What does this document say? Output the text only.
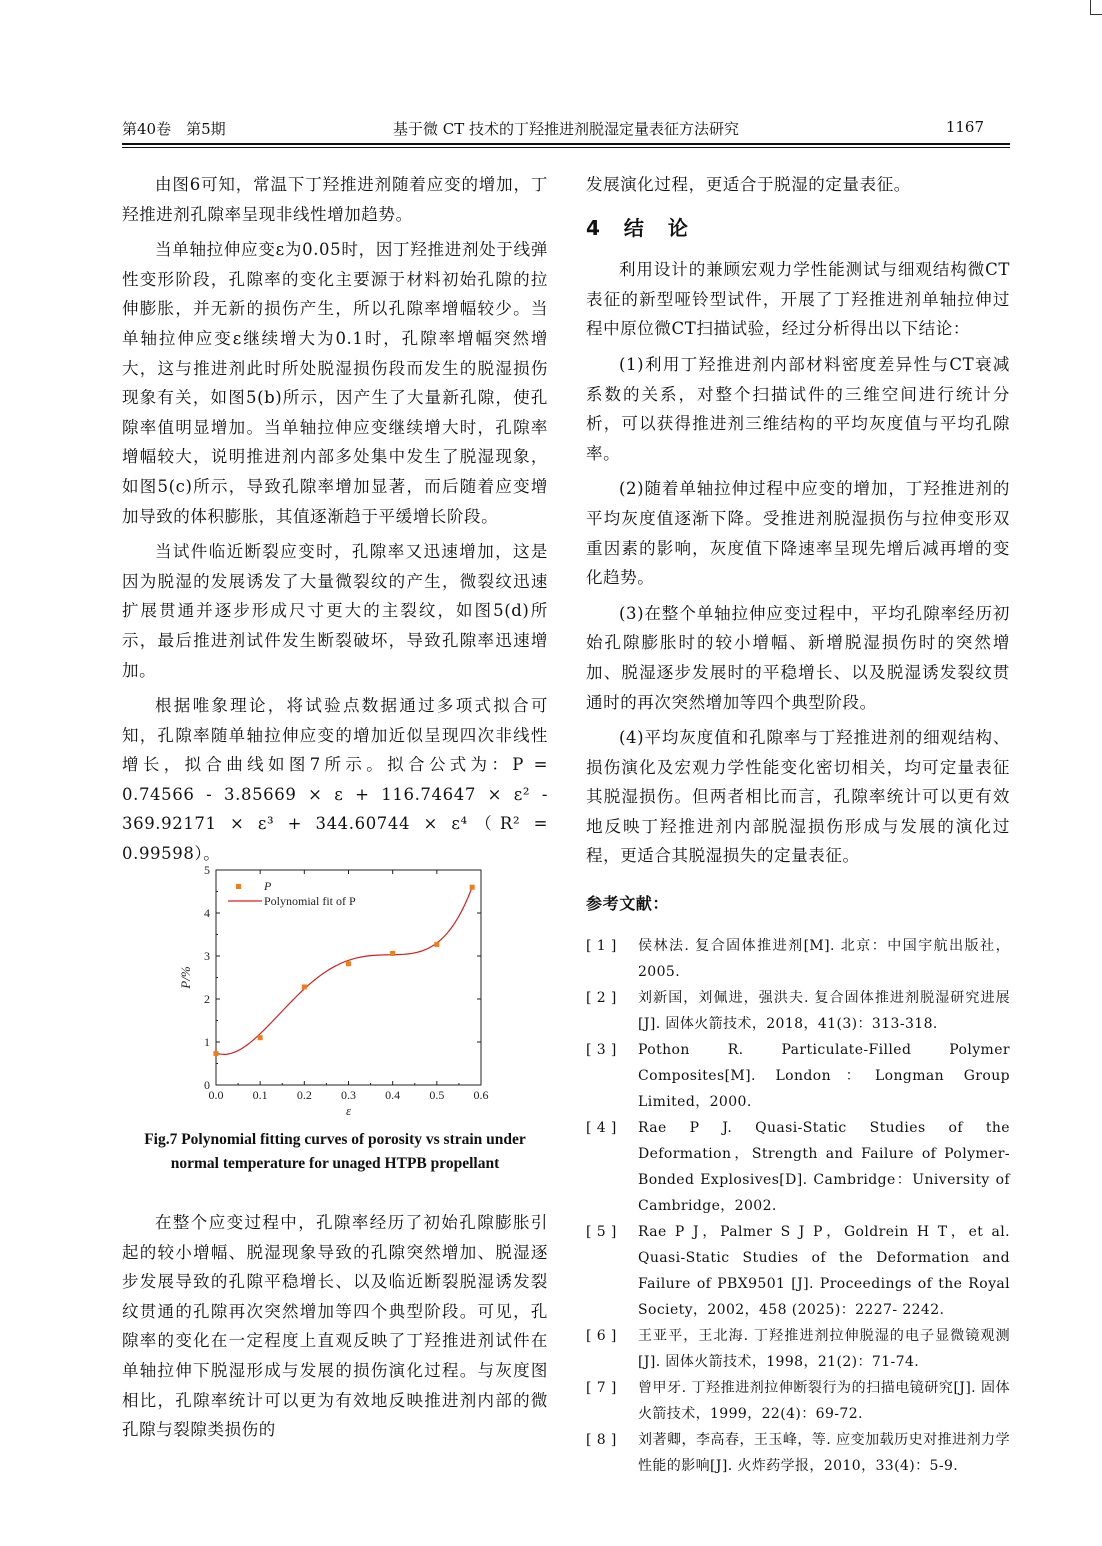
第40卷　第5期	基于微 CT 技术的丁羟推进剂脱湿定量表征方法研究	1167

由图6可知，常温下丁羟推进剂随着应变的增加，丁羟推进剂孔隙率呈现非线性增加趋势。

当单轴拉伸应变ε为0.05时，因丁羟推进剂处于线弹性变形阶段，孔隙率的变化主要源于材料初始孔隙的拉伸膨胀，并无新的损伤产生，所以孔隙率增幅较少。当单轴拉伸应变ε继续增大为0.1时，孔隙率增幅突然增大，这与推进剂此时所处脱湿损伤段而发生的脱湿损伤现象有关，如图5(b)所示，因产生了大量新孔隙，使孔隙率值明显增加。当单轴拉伸应变继续增大时，孔隙率增幅较大，说明推进剂内部多处集中发生了脱湿现象，如图5(c)所示，导致孔隙率增加显著，而后随着应变增加导致的体积膨胀，其值逐渐趋于平缓增长阶段。

当试件临近断裂应变时，孔隙率又迅速增加，这是因为脱湿的发展诱发了大量微裂纹的产生，微裂纹迅速扩展贯通并逐步形成尺寸更大的主裂纹，如图5(d)所示，最后推进剂试件发生断裂破坏，导致孔隙率迅速增加。

根据唯象理论，将试验点数据通过多项式拟合可知，孔隙率随单轴拉伸应变的增加近似呈现四次非线性增长，拟合曲线如图7所示。拟合公式为：P = 0.74566 - 3.85669 × ε + 116.74647 × ε² - 369.92171 × ε³ + 344.60744 × ε⁴（R² = 0.99598）。

0.0 0.1 0.2 0.3 0.4 0.5 0.6
0
1
2
3
4
5
ε
P/%
P
Polynomial fit of P
Fig.7 Polynomial fitting curves of porosity vs strain under
normal temperature for unaged HTPB propellant

在整个应变过程中，孔隙率经历了初始孔隙膨胀引起的较小增幅、脱湿现象导致的孔隙突然增加、脱湿逐步发展导致的孔隙平稳增长、以及临近断裂脱湿诱发裂纹贯通的孔隙再次突然增加等四个典型阶段。可见，孔隙率的变化在一定程度上直观反映了丁羟推进剂试件在单轴拉伸下脱湿形成与发展的损伤演化过程。与灰度图相比，孔隙率统计可以更为有效地反映推进剂内部的微孔隙与裂隙类损伤的

发展演化过程，更适合于脱湿的定量表征。

4　结　论

利用设计的兼顾宏观力学性能测试与细观结构微CT表征的新型哑铃型试件，开展了丁羟推进剂单轴拉伸过程中原位微CT扫描试验，经过分析得出以下结论：

(1)利用丁羟推进剂内部材料密度差异性与CT衰减系数的关系，对整个扫描试件的三维空间进行统计分析，可以获得推进剂三维结构的平均灰度值与平均孔隙率。

(2)随着单轴拉伸过程中应变的增加，丁羟推进剂的平均灰度值逐渐下降。受推进剂脱湿损伤与拉伸变形双重因素的影响，灰度值下降速率呈现先增后减再增的变化趋势。

(3)在整个单轴拉伸应变过程中，平均孔隙率经历初始孔隙膨胀时的较小增幅、新增脱湿损伤时的突然增加、脱湿逐步发展时的平稳增长、以及脱湿诱发裂纹贯通时的再次突然增加等四个典型阶段。

(4)平均灰度值和孔隙率与丁羟推进剂的细观结构、损伤演化及宏观力学性能变化密切相关，均可定量表征其脱湿损伤。但两者相比而言，孔隙率统计可以更有效地反映丁羟推进剂内部脱湿损伤形成与发展的演化过程，更适合其脱湿损失的定量表征。

参考文献：
[ 1 ]	侯林法. 复合固体推进剂[M]. 北京：中国宇航出版社，2005.
[ 2 ]	刘新国，刘佩进，强洪夫. 复合固体推进剂脱湿研究进展[J]. 固体火箭技术，2018，41(3)：313-318.
[ 3 ]	Pothon R. Particulate-Filled Polymer Composites[M]. London：Longman Group Limited，2000.
[ 4 ]	Rae P J. Quasi-Static Studies of the Deformation，Strength and Failure of Polymer-Bonded Explosives[D]. Cambridge：University of Cambridge，2002.
[ 5 ]	Rae P J，Palmer S J P，Goldrein H T，et al. Quasi-Static Studies of the Deformation and Failure of PBX9501 [J]. Proceedings of the Royal Society，2002，458 (2025)：2227- 2242.
[ 6 ]	王亚平，王北海. 丁羟推进剂拉伸脱湿的电子显微镜观测[J]. 固体火箭技术，1998，21(2)：71-74.
[ 7 ]	曾甲牙. 丁羟推进剂拉伸断裂行为的扫描电镜研究[J]. 固体火箭技术，1999，22(4)：69-72.
[ 8 ]	刘著卿，李高春，王玉峰，等. 应变加载历史对推进剂力学性能的影响[J]. 火炸药学报，2010，33(4)：5-9.
